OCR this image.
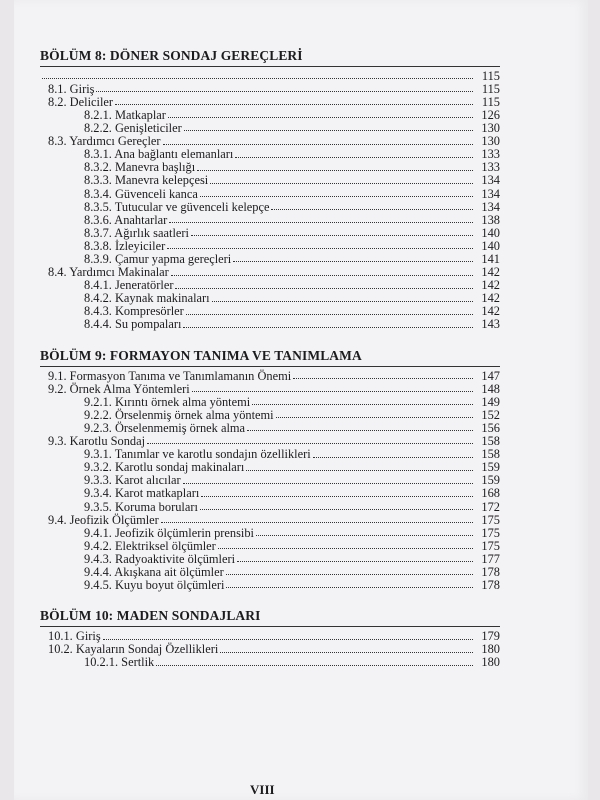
BÖLÜM 8: DÖNER SONDAJ GEREÇLERİ
115
8.1. Giriş	115
8.2. Deliciler	115
8.2.1. Matkaplar	126
8.2.2. Genişleticiler	130
8.3. Yardımcı Gereçler	130
8.3.1. Ana bağlantı elemanları	133
8.3.2. Manevra başlığı	133
8.3.3. Manevra kelepçesi	134
8.3.4. Güvenceli kanca	134
8.3.5. Tutucular ve güvenceli kelepçe	134
8.3.6. Anahtarlar	138
8.3.7. Ağırlık saatleri	140
8.3.8. İzleyiciler	140
8.3.9. Çamur yapma gereçleri	141
8.4. Yardımcı Makinalar	142
8.4.1. Jeneratörler	142
8.4.2. Kaynak makinaları	142
8.4.3. Kompresörler	142
8.4.4. Su pompaları	143
BÖLÜM 9: FORMAYON TANIMA VE TANIMLAMA
9.1. Formasyon Tanıma ve Tanımlamanın Önemi	147
9.2. Örnek Alma Yöntemleri	148
9.2.1. Kırıntı örnek alma yöntemi	149
9.2.2. Örselenmiş örnek alma yöntemi	152
9.2.3. Örselenmemiş örnek alma	156
9.3. Karotlu Sondaj	158
9.3.1. Tanımlar ve karotlu sondajın özellikleri	158
9.3.2. Karotlu sondaj makinaları	159
9.3.3. Karot alıcılar	159
9.3.4. Karot matkapları	168
9.3.5. Koruma boruları	172
9.4. Jeofizik Ölçümler	175
9.4.1. Jeofizik ölçümlerin prensibi	175
9.4.2. Elektriksel ölçümler	175
9.4.3. Radyoaktivite ölçümleri	177
9.4.4. Akışkana ait ölçümler	178
9.4.5. Kuyu boyut ölçümleri	178
BÖLÜM 10: MADEN SONDAJLARI
10.1. Giriş	179
10.2. Kayaların Sondaj Özellikleri	180
10.2.1. Sertlik	180
VIII
